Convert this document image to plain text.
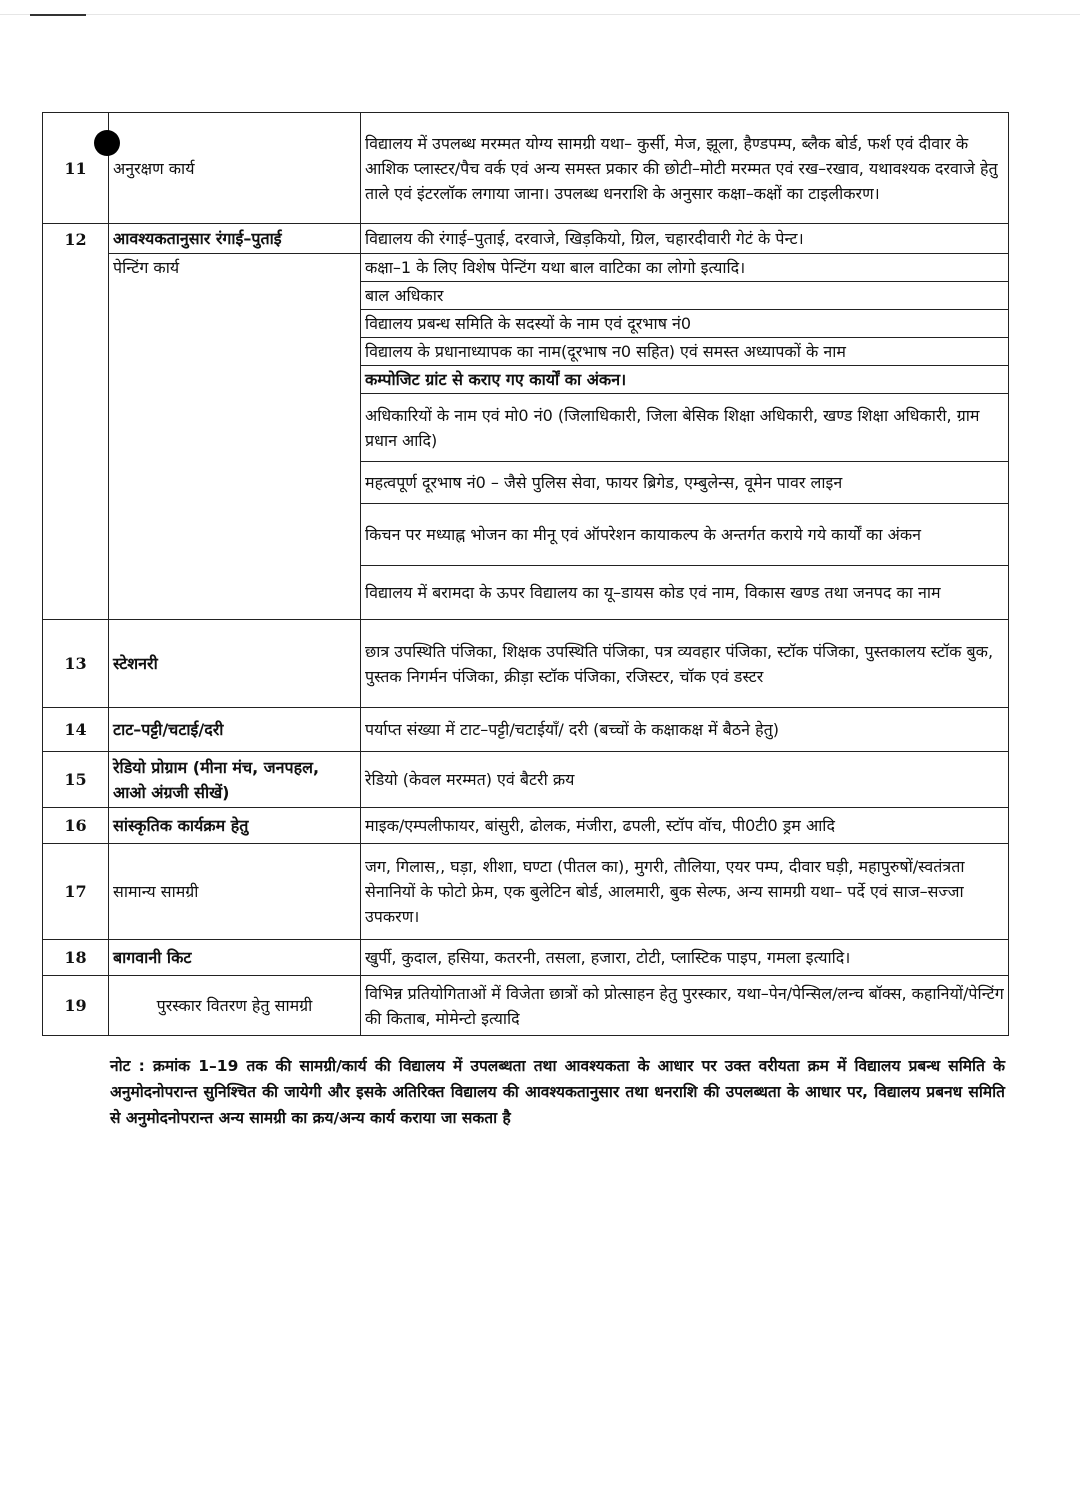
11	अनुरक्षण कार्य	विद्यालय में उपलब्ध मरम्मत योग्य सामग्री यथा– कुर्सी, मेज, झूला, हैण्डपम्प, ब्लैक बोर्ड, फर्श एवं दीवार के आशिक प्लास्टर/पैच वर्क एवं अन्य समस्त प्रकार की छोटी–मोटी मरम्मत एवं रख–रखाव, यथावश्यक दरवाजे हेतु ताले एवं इंटरलॉक लगाया जाना। उपलब्ध धनराशि के अनुसार कक्षा–कक्षों का टाइलीकरण।
12	आवश्यकतानुसार रंगाई–पुताई	विद्यालय की रंगाई–पुताई, दरवाजे, खिड़कियो, ग्रिल, चहारदीवारी गेटं के पेन्ट।
	पेन्टिंग कार्य	कक्षा–1 के लिए विशेष पेन्टिंग यथा बाल वाटिका का लोगो इत्यादि।
		बाल अधिकार
		विद्यालय प्रबन्ध समिति के सदस्यों के नाम एवं दूरभाष नं0
		विद्यालय के प्रधानाध्यापक का नाम(दूरभाष न0 सहित) एवं समस्त अध्यापकों के नाम
		कम्पोजिट ग्रांट से कराए गए कार्यों का अंकन।
		अधिकारियों के नाम एवं मो0 नं0 (जिलाधिकारी, जिला बेसिक शिक्षा अधिकारी, खण्ड शिक्षा अधिकारी, ग्राम प्रधान आदि)
		महत्वपूर्ण दूरभाष नं0 – जैसे पुलिस सेवा, फायर ब्रिगेड, एम्बुलेन्स, वूमेन पावर लाइन
		किचन पर मध्याह्न भोजन का मीनू एवं ऑपरेशन कायाकल्प के अन्तर्गत कराये गये कार्यों का अंकन
		विद्यालय में बरामदा के ऊपर विद्यालय का यू–डायस कोड एवं नाम, विकास खण्ड तथा जनपद का नाम
13	स्टेशनरी	छात्र उपस्थिति पंजिका, शिक्षक उपस्थिति पंजिका, पत्र व्यवहार पंजिका, स्टॉक पंजिका, पुस्तकालय स्टॉक बुक, पुस्तक निगर्मन पंजिका, क्रीड़ा स्टॉक पंजिका, रजिस्टर, चॉक एवं डस्टर
14	टाट–पट्टी/चटाई/दरी	पर्याप्त संख्या में टाट–पट्टी/चटाईयाँ/ दरी (बच्चों के कक्षाकक्ष में बैठने हेतु)
15	रेडियो प्रोग्राम (मीना मंच, जनपहल, आओ अंग्रजी सीखें)	रेडियो (केवल मरम्मत) एवं बैटरी क्रय
16	सांस्कृतिक कार्यक्रम हेतु	माइक/एम्पलीफायर, बांसुरी, ढोलक, मंजीरा, ढपली, स्टॉप वॉच, पी0टी0 ड्रम आदि
17	सामान्य सामग्री	जग, गिलास,, घड़ा, शीशा, घण्टा (पीतल का), मुगरी, तौलिया, एयर पम्प, दीवार घड़ी, महापुरुषों/स्वतंत्रता सेनानियों के फोटो फ्रेम, एक बुलेटिन बोर्ड, आलमारी, बुक सेल्फ, अन्य सामग्री यथा– पर्दे एवं साज–सज्जा उपकरण।
18	बागवानी किट	खुर्पी, कुदाल, हसिया, कतरनी, तसला, हजारा, टोटी, प्लास्टिक पाइप, गमला इत्यादि।
19	पुरस्कार वितरण हेतु सामग्री	विभिन्न प्रतियोगिताओं में विजेता छात्रों को प्रोत्साहन हेतु पुरस्कार, यथा–पेन/पेन्सिल/लन्च बॉक्स, कहानियों/पेन्टिंग की किताब, मोमेन्टो इत्यादि
नोट : क्रमांक 1–19 तक की सामग्री/कार्य की विद्यालय में उपलब्धता तथा आवश्यकता के आधार पर उक्त वरीयता क्रम में विद्यालय प्रबन्ध समिति के अनुमोदनोपरान्त सुनिश्चित की जायेगी और इसके अतिरिक्त विद्यालय की आवश्यकतानुसार तथा धनराशि की उपलब्धता के आधार पर, विद्यालय प्रबनध समिति से अनुमोदनोपरान्त अन्य सामग्री का क्रय/अन्य कार्य कराया जा सकता है
